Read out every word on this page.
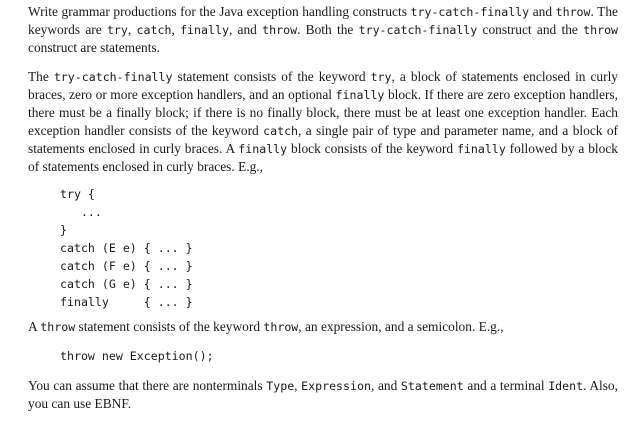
Write grammar productions for the Java exception handling constructs try-catch-finally and throw. The keywords are try, catch, finally, and throw. Both the try-catch-finally construct and the throw construct are statements.

The try-catch-finally statement consists of the keyword try, a block of statements enclosed in curly braces, zero or more exception handlers, and an optional finally block. If there are zero exception handlers, there must be a finally block; if there is no finally block, there must be at least one exception handler. Each exception handler consists of the keyword catch, a single pair of type and parameter name, and a block of statements enclosed in curly braces. A finally block consists of the keyword finally followed by a block of statements enclosed in curly braces. E.g.,

try {
...
}
catch (E e) { ... }
catch (F e) { ... }
catch (G e) { ... }
finally     { ... }

A throw statement consists of the keyword throw, an expression, and a semicolon. E.g.,

throw new Exception();

You can assume that there are nonterminals Type, Expression, and Statement and a terminal Ident. Also, you can use EBNF.
